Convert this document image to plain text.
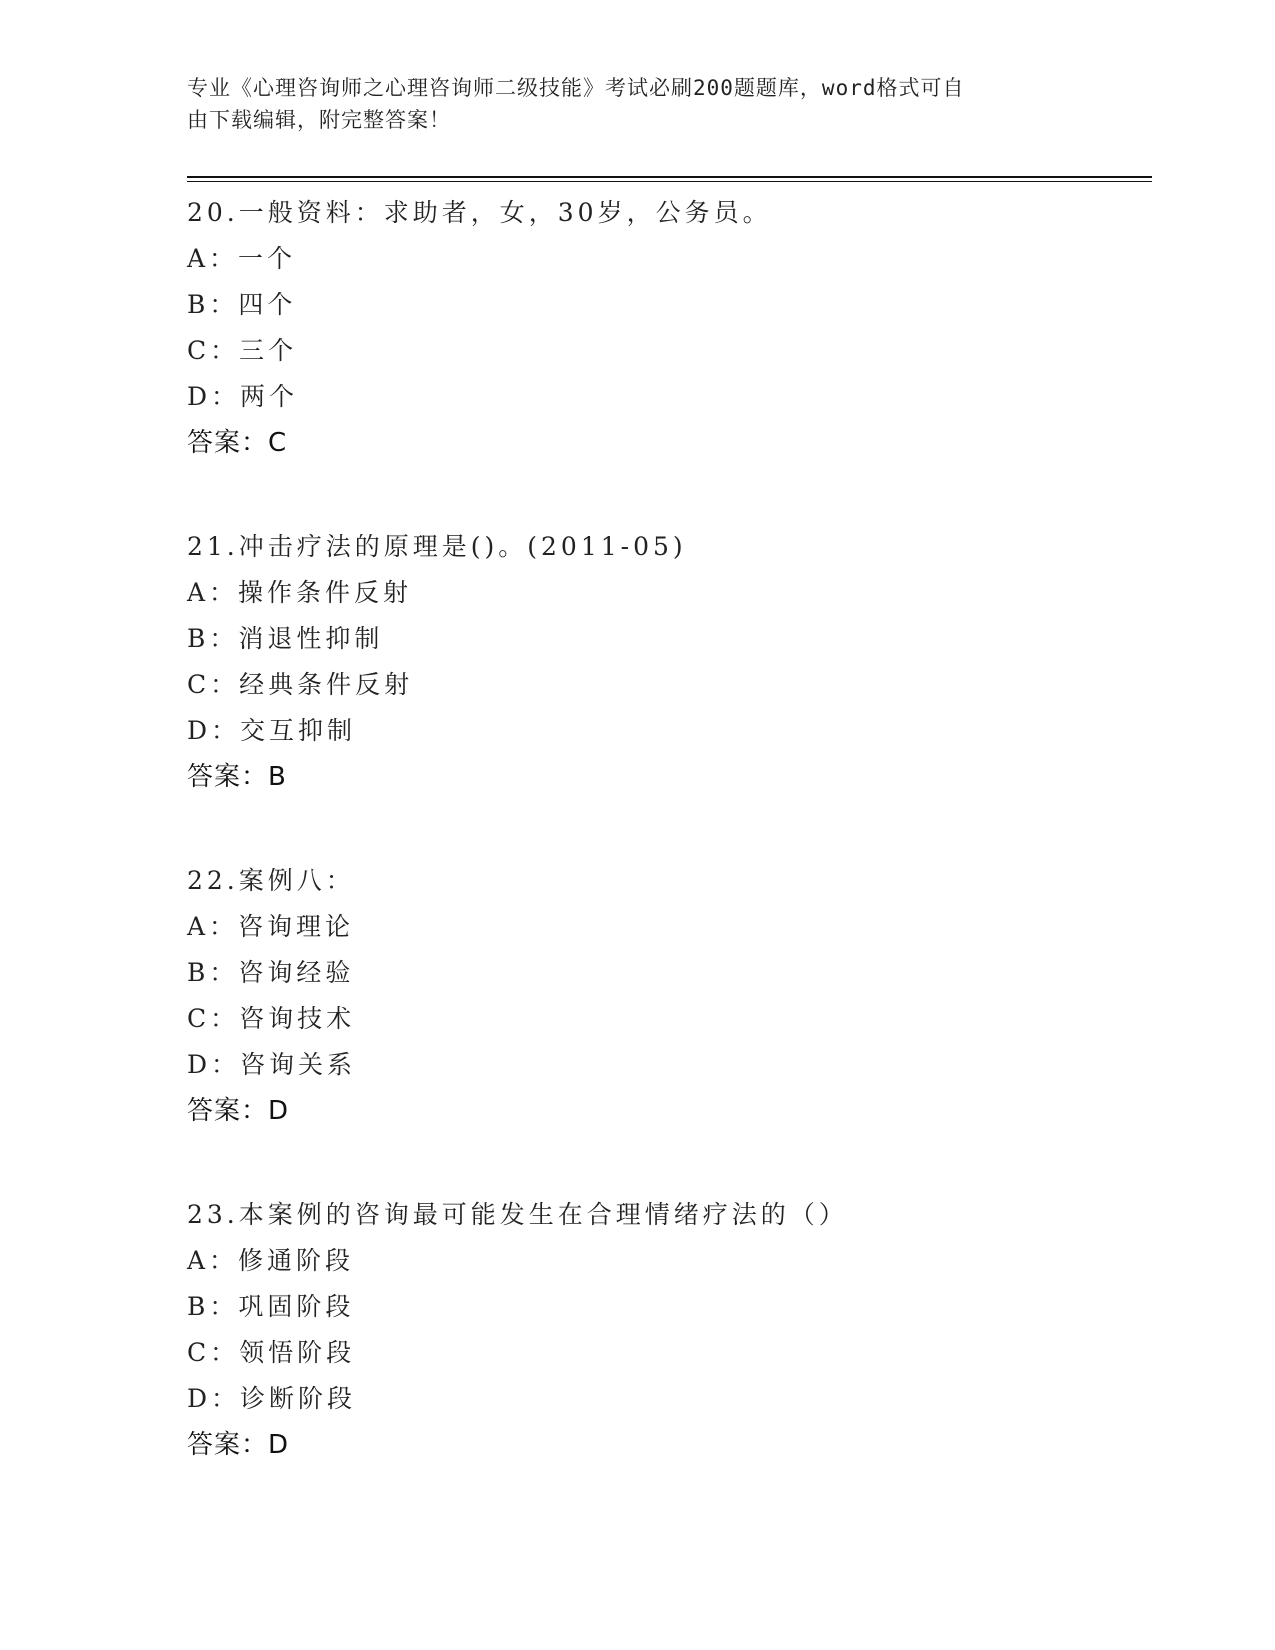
专业《心理咨询师之心理咨询师二级技能》考试必刷200题题库，word格式可自
由下载编辑，附完整答案！
20.一般资料：求助者，女，30岁，公务员。
A：一个
B：四个
C：三个
D：两个
答案：C
21.冲击疗法的原理是()。(2011-05)
A：操作条件反射
B：消退性抑制
C：经典条件反射
D：交互抑制
答案：B
22.案例八：
A：咨询理论
B：咨询经验
C：咨询技术
D：咨询关系
答案：D
23.本案例的咨询最可能发生在合理情绪疗法的（）
A：修通阶段
B：巩固阶段
C：领悟阶段
D：诊断阶段
答案：D
